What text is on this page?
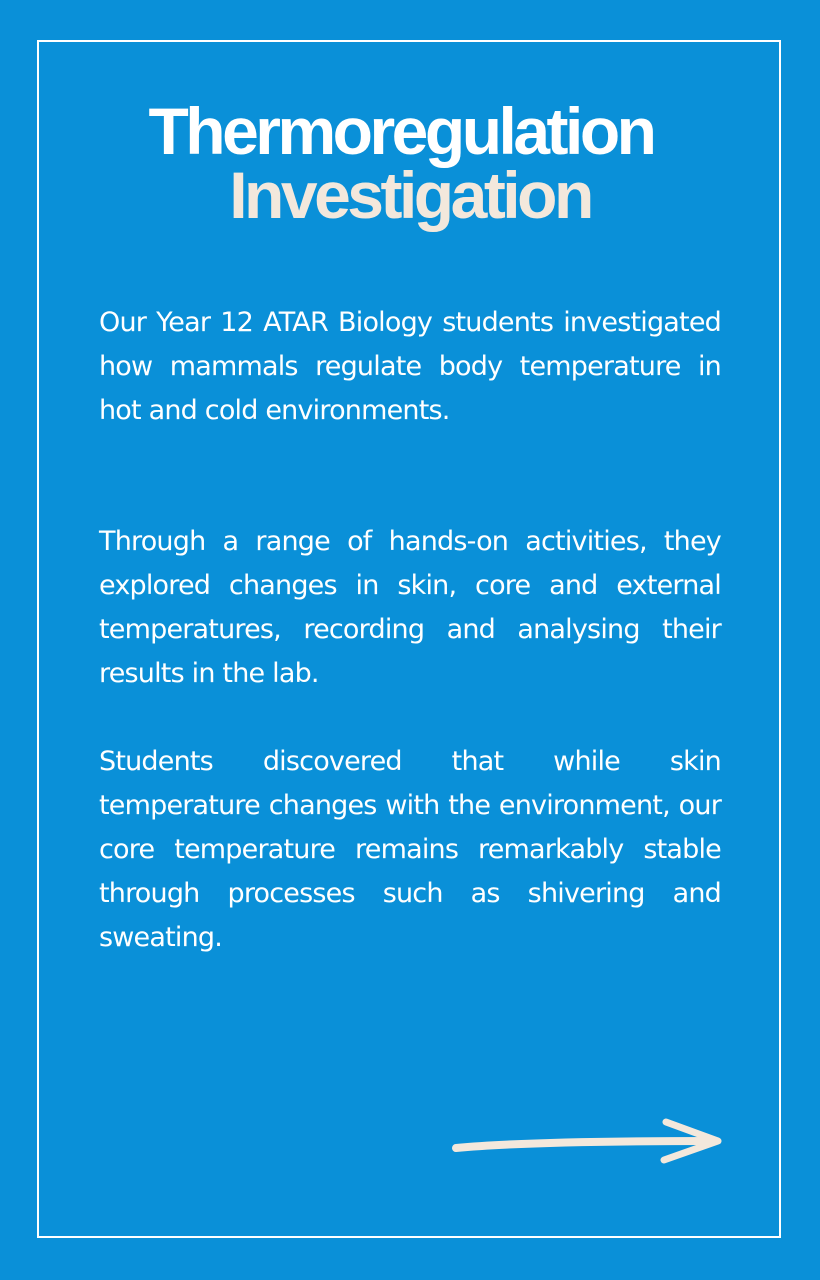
Thermoregulation
Investigation

Our Year 12 ATAR Biology students investigated how mammals regulate body temperature in hot and cold environments.

Through a range of hands-on activities, they explored changes in skin, core and external temperatures, recording and analysing their results in the lab.

Students discovered that while skin temperature changes with the environment, our core temperature remains remarkably stable through processes such as shivering and sweating.
